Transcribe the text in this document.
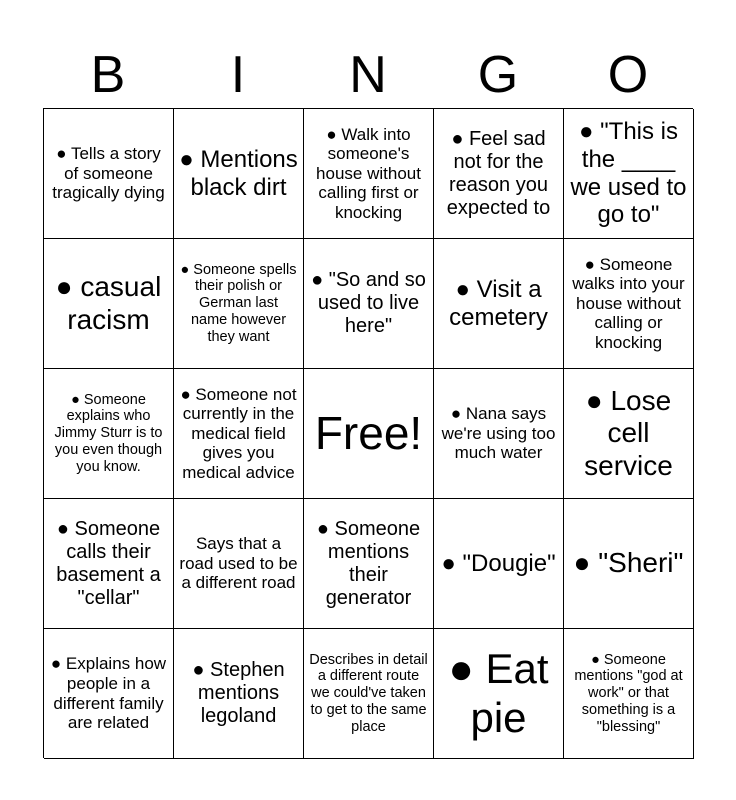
B	I	N	G	O
● Tells a story of someone tragically dying
● Mentions black dirt
● Walk into someone's house without calling first or knocking
● Feel sad not for the reason you expected to
● "This is the ____ we used to go to"
● casual racism
● Someone spells their polish or German last name however they want
● "So and so used to live here"
● Visit a cemetery
● Someone walks into your house without calling or knocking
● Someone explains who Jimmy Sturr is to you even though you know.
● Someone not currently in the medical field gives you medical advice
Free!	● Nana says we're using too much water
● Lose cell service
● Someone calls their basement a "cellar"
Says that a road used to be a different road
● Someone mentions their generator
● "Dougie" ● "Sheri"
● Explains how people in a different family are related
● Stephen mentions legoland
Describes in detail a different route we could've taken to get to the same place
● Eat pie
● Someone mentions "god at work" or that something is a "blessing"
